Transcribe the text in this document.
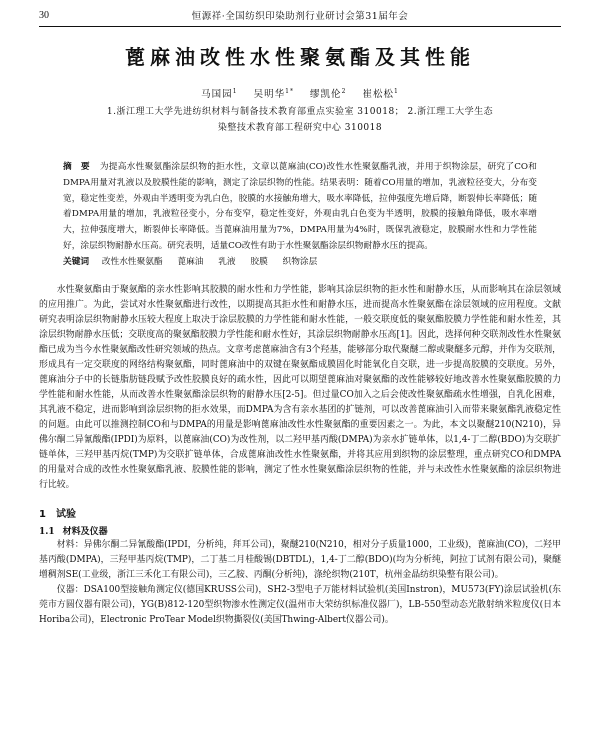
30	恒源祥·全国纺织印染助剂行业研讨会第31届年会
蓖麻油改性水性聚氨酯及其性能
马国园$^1$ 吴明华$^{1*}$ 缪凯伦$^2$ 崔松松$^1$
1.浙江理工大学先进纺织材料与制备技术教育部重点实验室 310018； 2.浙江理工大学生态
染整技术教育部工程研究中心 310018
摘　要 为提高水性聚氨酯涂层织物的拒水性，文章以蓖麻油(CO)改性水性聚氨酯乳液，并用于织物涂层，研究了CO和DMPA用量对乳液以及胶膜性能的影响，测定了涂层织物的性能。结果表明：随着CO用量的增加，乳液粒径变大，分布变宽，稳定性变差，外观由半透明变为乳白色，胶膜的水接触角增大，吸水率降低，拉伸强度先增后降，断裂伸长率降低；随着DMPA用量的增加，乳液粒径变小，分布变窄，稳定性变好，外观由乳白色变为半透明，胶膜的接触角降低，吸水率增大，拉伸强度增大，断裂伸长率降低。当蓖麻油用量为7%，DMPA用量为4%时，既保乳液稳定，胶膜耐水性和力学性能好，涂层织物耐静水压高。研究表明，适量CO改性有助于水性聚氨酯涂层织物耐静水压的提高。
关键词 改性水性聚氨酯 蓖麻油 乳液 胶膜 织物涂层

水性聚氨酯由于聚氨酯的亲水性影响其胶膜的耐水性和力学性能，影响其涂层织物的拒水性和耐静水压，从而影响其在涂层领域的应用推广。为此，尝试对水性聚氨酯进行改性，以期提高其拒水性和耐静水压，进而提高水性聚氨酯在涂层领域的应用程度。文献研究表明涂层织物耐静水压较大程度上取决于涂层胶膜的力学性能和耐水性能，一般交联度低的聚氨酯胶膜力学性能和耐水性差，其涂层织物耐静水压低；交联度高的聚氨酯胶膜力学性能和耐水性好，其涂层织物耐静水压高[1]。因此，选择何种交联剂改性水性聚氨酯已成为当今水性聚氨酯改性研究领域的热点。文章考虑蓖麻油含有3个羟基，能够部分取代聚醚二醇或聚醚多元醇，并作为交联剂，形成具有一定交联度的网络结构聚氨酯，同时蓖麻油中的双键在聚氨酯成膜固化时能氧化自交联，进一步提高胶膜的交联度。另外，蓖麻油分子中的长链脂肪链段赋予改性胶膜良好的疏水性，因此可以期望蓖麻油对聚氨酯的改性能够较好地改善水性聚氨酯胶膜的力学性能和耐水性能，从而改善水性聚氨酯涂层织物的耐静水压[2-5]。但过量CO加入之后会使改性聚氨酯疏水性增强，自乳化困难，其乳液不稳定，进而影响到涂层织物的拒水效果，而DMPA为含有亲水基团的扩链剂，可以改善蓖麻油引入而带来聚氨酯乳液稳定性的问题。由此可以推测控制CO和与DMPA的用量是影响蓖麻油改性水性聚氨酯的重要因素之一。为此，本文以聚醚210(N210)，异佛尔酮二异氰酸酯(IPDI)为原料，以蓖麻油(CO)为改性剂，以二羟甲基丙酸(DMPA)为亲水扩链单体，以1,4-丁二醇(BDO)为交联扩链单体，三羟甲基丙烷(TMP)为交联扩链单体，合成蓖麻油改性水性聚氨酯，并将其应用到织物的涂层整理，重点研究CO和DMPA的用量对合成的改性水性聚氨酯乳液、胶膜性能的影响，测定了性水性聚氨酯涂层织物的性能，并与未改性水性聚氨酯的涂层织物进行比较。

1 试验
1.1 材料及仪器

材料：异佛尔酮二异氰酸酯(IPDI，分析纯，拜耳公司)，聚醚210(N210，相对分子质量1000，工业级)，蓖麻油(CO)，二羟甲基丙酸(DMPA)，三羟甲基丙烷(TMP)，二丁基二月桂酸锡(DBTDL)，1,4-丁二醇(BDO)(均为分析纯，阿拉丁试剂有限公司)，聚醚增稠剂SE(工业级，浙江三禾化工有限公司)，三乙胺、丙酮(分析纯)，涤纶织物(210T，杭州金晶纺织染整有限公司)。

仪器：DSA100型接触角测定仪(德国KRUSS公司)，SH2-3型电子万能材料试验机(美国Instron)，MU573(FY)涂层试验机(东莞市方圆仪器有限公司)，YG(B)812-120型织物渗水性测定仪(温州市大荣纺织标准仪器厂)，LB-550型动态光散射纳米粒度仪(日本Horiba公司)，Electronic ProTear Model织物撕裂仪(美国Thwing-Albert仪器公司)。
